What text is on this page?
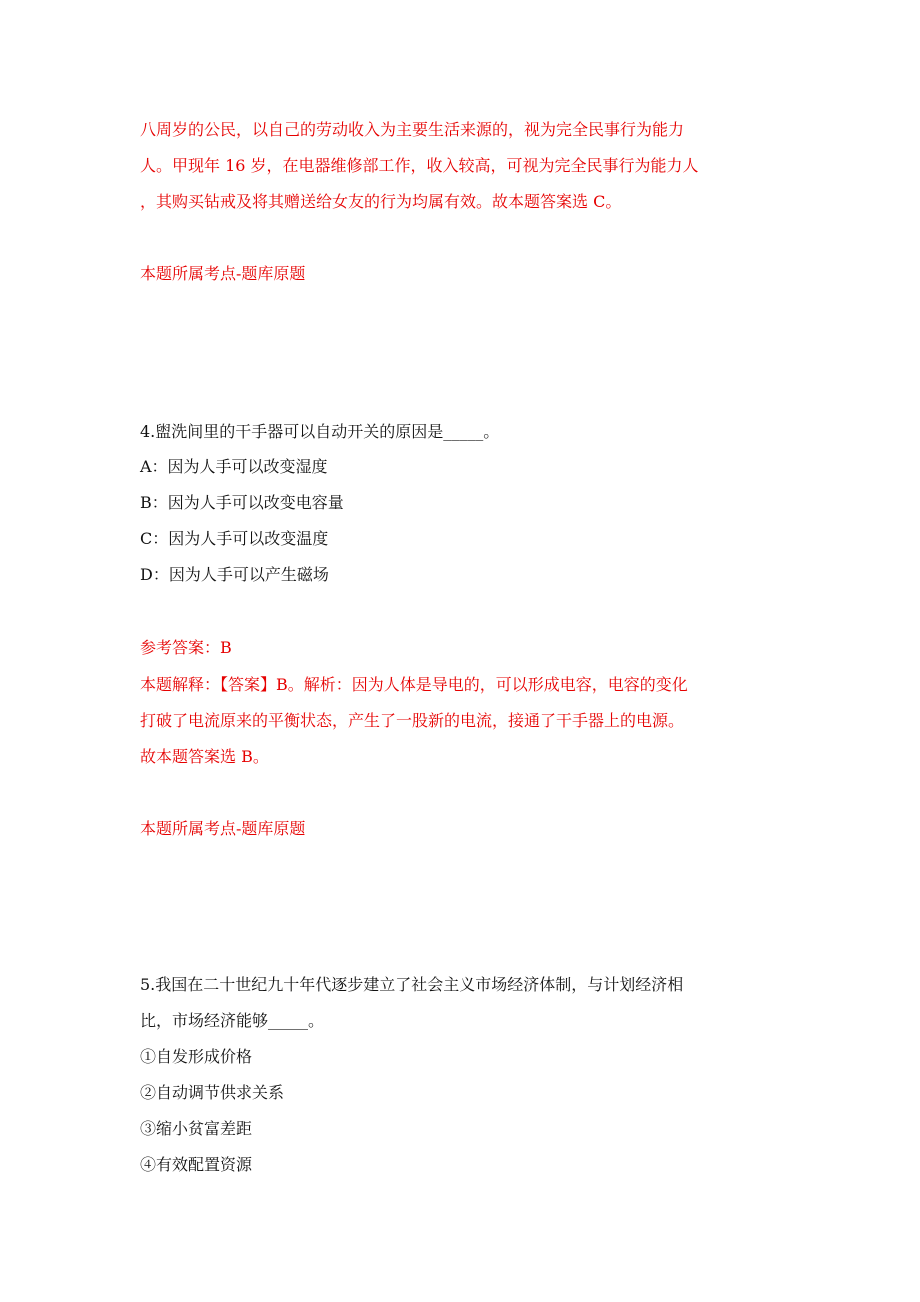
八周岁的公民，以自己的劳动收入为主要生活来源的，视为完全民事行为能力
人。甲现年 16 岁，在电器维修部工作，收入较高，可视为完全民事行为能力人
，其购买钻戒及将其赠送给女友的行为均属有效。故本题答案选 C。
本题所属考点-题库原题
4.盥洗间里的干手器可以自动开关的原因是_____。
A：因为人手可以改变湿度
B：因为人手可以改变电容量
C：因为人手可以改变温度
D：因为人手可以产生磁场
参考答案：B
本题解释：【答案】B。解析：因为人体是导电的，可以形成电容，电容的变化
打破了电流原来的平衡状态，产生了一股新的电流，接通了干手器上的电源。
故本题答案选 B。
本题所属考点-题库原题
5.我国在二十世纪九十年代逐步建立了社会主义市场经济体制，与计划经济相
比，市场经济能够_____。
①自发形成价格
②自动调节供求关系
③缩小贫富差距
④有效配置资源
